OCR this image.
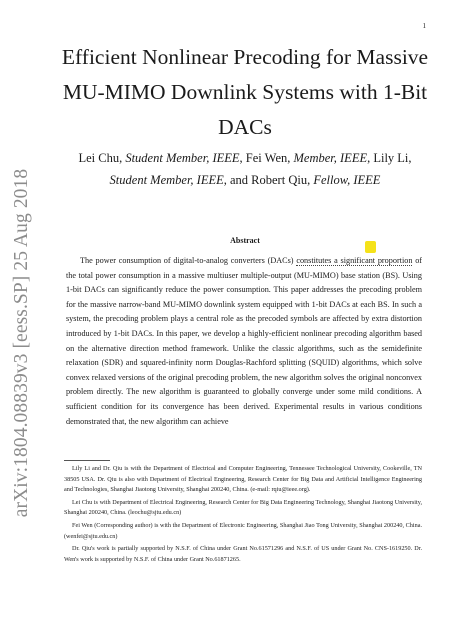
1
arXiv:1804.08839v3 [eess.SP] 25 Aug 2018
Efficient Nonlinear Precoding for Massive
MU-MIMO Downlink Systems with 1-Bit
DACs

Lei Chu, Student Member, IEEE, Fei Wen, Member, IEEE, Lily Li, Student Member, IEEE, and Robert Qiu, Fellow, IEEE

Abstract

The power consumption of digital-to-analog converters (DACs) constitutes a significant proportion of the total power consumption in a massive multiuser multiple-output (MU-MIMO) base station (BS). Using 1-bit DACs can significantly reduce the power consumption. This paper addresses the precoding problem for the massive narrow-band MU-MIMO downlink system equipped with 1-bit DACs at each BS. In such a system, the precoding problem plays a central role as the precoded symbols are affected by extra distortion introduced by 1-bit DACs. In this paper, we develop a highly-efficient nonlinear precoding algorithm based on the alternative direction method framework. Unlike the classic algorithms, such as the semidefinite relaxation (SDR) and squared-infinity norm Douglas-Rachford splitting (SQUID) algorithms, which solve convex relaxed versions of the original precoding problem, the new algorithm solves the original nonconvex problem directly. The new algorithm is guaranteed to globally converge under some mild conditions. A sufficient condition for its convergence has been derived. Experimental results in various conditions demonstrated that, the new algorithm can achieve

Lily Li and Dr. Qiu is with the Department of Electrical and Computer Engineering, Tennessee Technological University, Cookeville, TN 38505 USA. Dr. Qiu is also with Department of Electrical Engineering, Research Center for Big Data and Artificial Intelligence Engineering and Technologies, Shanghai Jiaotong University, Shanghai 200240, China. (e-mail: rqiu@ieee.org).

Lei Chu is with Department of Electrical Engineering, Research Center for Big Data Engineering Technology, Shanghai Jiaotong University, Shanghai 200240, China. (leochu@sjtu.edu.cn)

Fei Wen (Corresponding author) is with the Department of Electronic Engineering, Shanghai Jiao Tong University, Shanghai 200240, China. (wenfei@sjtu.edu.cn)

Dr. Qiu's work is partially supported by N.S.F. of China under Grant No.61571296 and N.S.F. of US under Grant No. CNS-1619250. Dr. Wen's work is supported by N.S.F. of China under Grant No.61871265.
